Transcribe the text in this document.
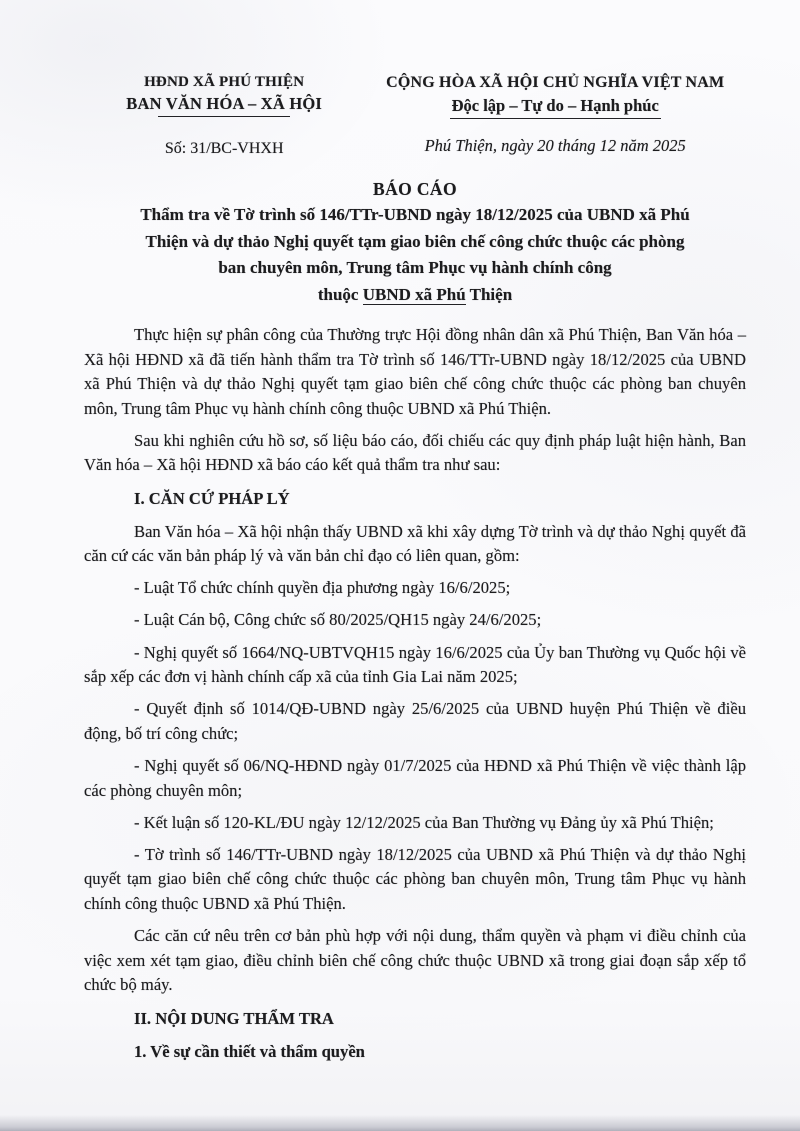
HĐND XÃ PHÚ THIỆN
BAN VĂN HÓA – XÃ HỘI
Số: 31/BC-VHXH
CỘNG HÒA XÃ HỘI CHỦ NGHĨA VIỆT NAM
Độc lập – Tự do – Hạnh phúc
Phú Thiện, ngày 20 tháng 12 năm 2025
BÁO CÁO
Thẩm tra về Tờ trình số 146/TTr-UBND ngày 18/12/2025 của UBND xã Phú
Thiện và dự thảo Nghị quyết tạm giao biên chế công chức thuộc các phòng
ban chuyên môn, Trung tâm Phục vụ hành chính công
thuộc UBND xã Phú Thiện

Thực hiện sự phân công của Thường trực Hội đồng nhân dân xã Phú Thiện, Ban Văn hóa – Xã hội HĐND xã đã tiến hành thẩm tra Tờ trình số 146/TTr-UBND ngày 18/12/2025 của UBND xã Phú Thiện và dự thảo Nghị quyết tạm giao biên chế công chức thuộc các phòng ban chuyên môn, Trung tâm Phục vụ hành chính công thuộc UBND xã Phú Thiện.

Sau khi nghiên cứu hồ sơ, số liệu báo cáo, đối chiếu các quy định pháp luật hiện hành, Ban Văn hóa – Xã hội HĐND xã báo cáo kết quả thẩm tra như sau:

I. CĂN CỨ PHÁP LÝ

Ban Văn hóa – Xã hội nhận thấy UBND xã khi xây dựng Tờ trình và dự thảo Nghị quyết đã căn cứ các văn bản pháp lý và văn bản chỉ đạo có liên quan, gồm:

- Luật Tổ chức chính quyền địa phương ngày 16/6/2025;

- Luật Cán bộ, Công chức số 80/2025/QH15 ngày 24/6/2025;

- Nghị quyết số 1664/NQ-UBTVQH15 ngày 16/6/2025 của Ủy ban Thường vụ Quốc hội về sắp xếp các đơn vị hành chính cấp xã của tỉnh Gia Lai năm 2025;

- Quyết định số 1014/QĐ-UBND ngày 25/6/2025 của UBND huyện Phú Thiện về điều động, bố trí công chức;

- Nghị quyết số 06/NQ-HĐND ngày 01/7/2025 của HĐND xã Phú Thiện về việc thành lập các phòng chuyên môn;

- Kết luận số 120-KL/ĐU ngày 12/12/2025 của Ban Thường vụ Đảng ủy xã Phú Thiện;

- Tờ trình số 146/TTr-UBND ngày 18/12/2025 của UBND xã Phú Thiện và dự thảo Nghị quyết tạm giao biên chế công chức thuộc các phòng ban chuyên môn, Trung tâm Phục vụ hành chính công thuộc UBND xã Phú Thiện.

Các căn cứ nêu trên cơ bản phù hợp với nội dung, thẩm quyền và phạm vi điều chỉnh của việc xem xét tạm giao, điều chỉnh biên chế công chức thuộc UBND xã trong giai đoạn sắp xếp tổ chức bộ máy.

II. NỘI DUNG THẨM TRA

1. Về sự cần thiết và thẩm quyền
